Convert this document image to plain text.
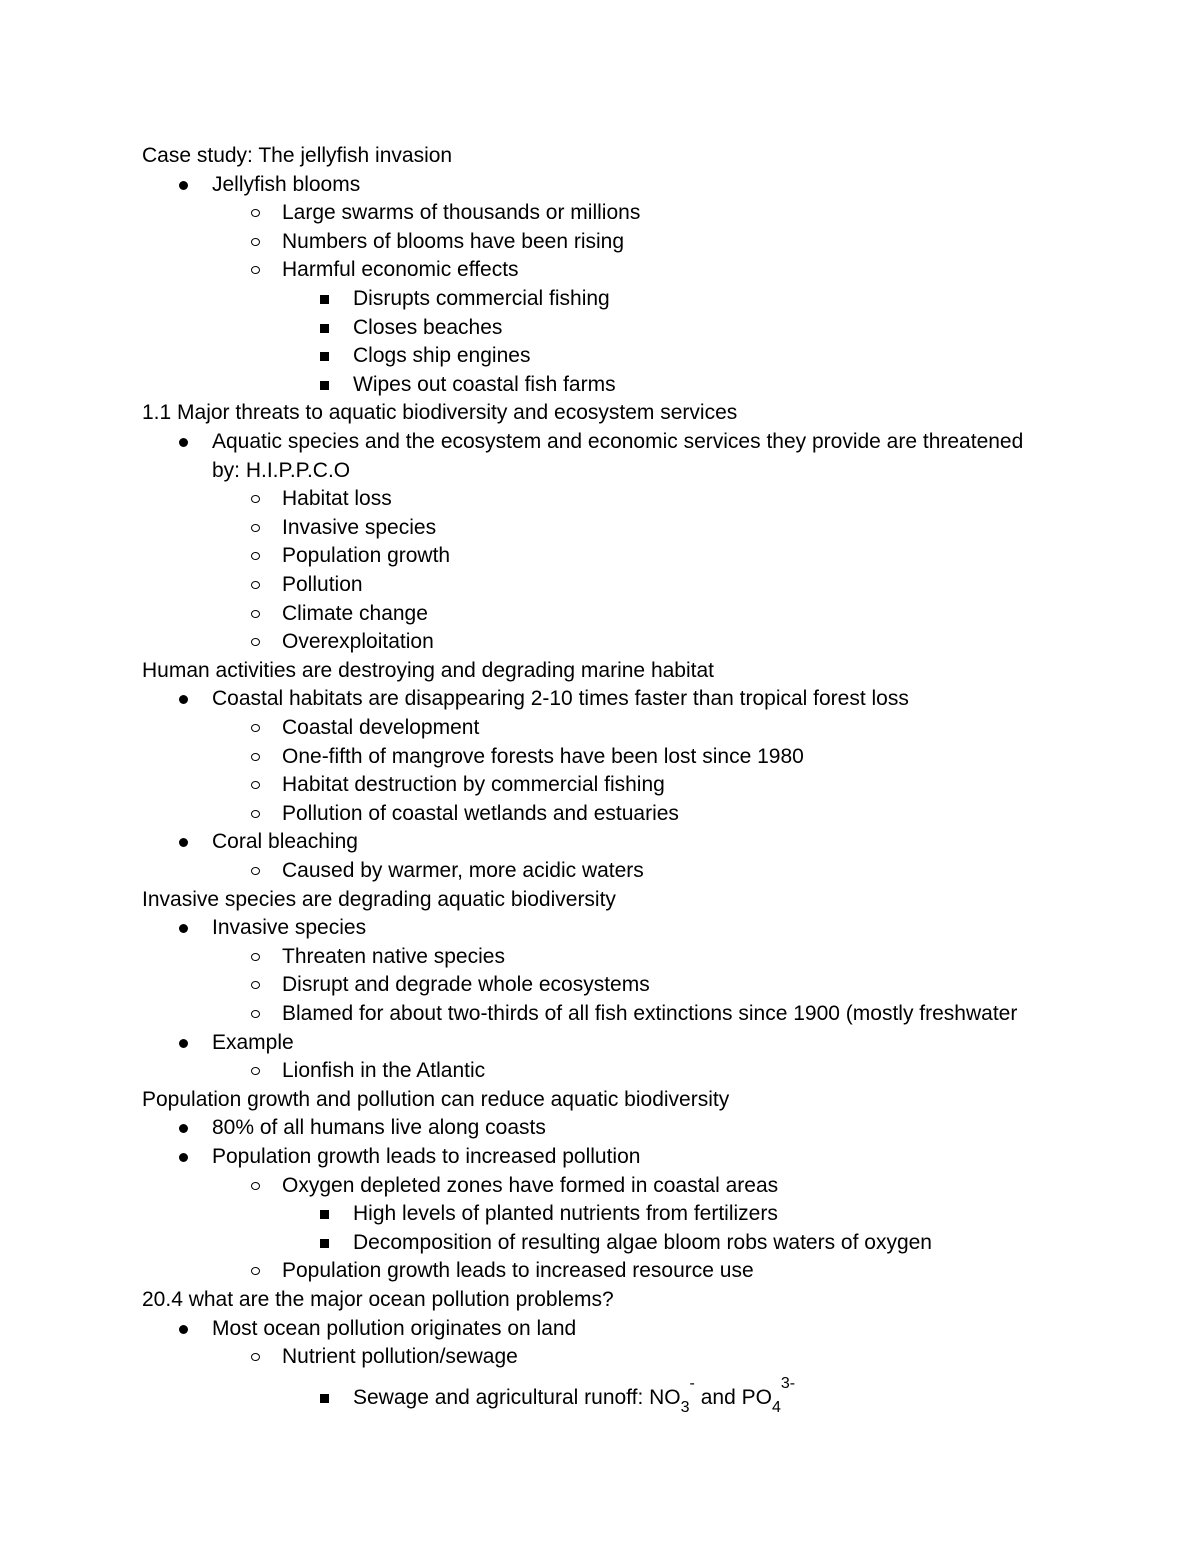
Case study: The jellyfish invasion
Jellyfish blooms
Large swarms of thousands or millions
Numbers of blooms have been rising
Harmful economic effects
Disrupts commercial fishing
Closes beaches
Clogs ship engines
Wipes out coastal fish farms
1.1 Major threats to aquatic biodiversity and ecosystem services
Aquatic species and the ecosystem and economic services they provide are threatened
by: H.I.P.P.C.O
Habitat loss
Invasive species
Population growth
Pollution
Climate change
Overexploitation
Human activities are destroying and degrading marine habitat
Coastal habitats are disappearing 2-10 times faster than tropical forest loss
Coastal development
One-fifth of mangrove forests have been lost since 1980
Habitat destruction by commercial fishing
Pollution of coastal wetlands and estuaries
Coral bleaching
Caused by warmer, more acidic waters
Invasive species are degrading aquatic biodiversity
Invasive species
Threaten native species
Disrupt and degrade whole ecosystems
Blamed for about two-thirds of all fish extinctions since 1900 (mostly freshwater
Example
Lionfish in the Atlantic
Population growth and pollution can reduce aquatic biodiversity
80% of all humans live along coasts
Population growth leads to increased pollution
Oxygen depleted zones have formed in coastal areas
High levels of planted nutrients from fertilizers
Decomposition of resulting algae bloom robs waters of oxygen
Population growth leads to increased resource use
20.4 what are the major ocean pollution problems?
Most ocean pollution originates on land
Nutrient pollution/sewage
Sewage and agricultural runoff: $NO_3^-$ and $PO_4^{3-}$
